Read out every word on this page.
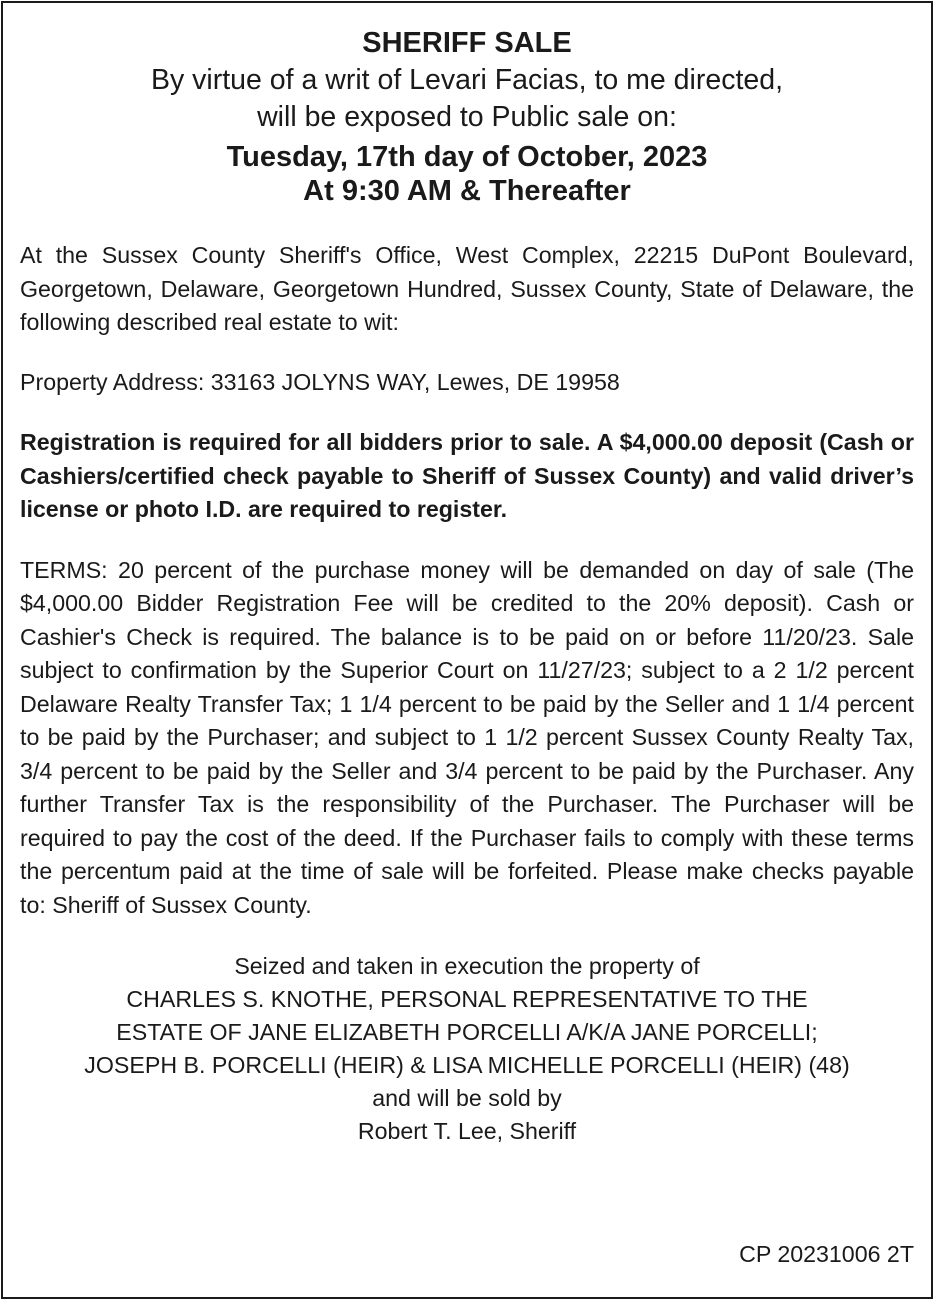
SHERIFF SALE

By virtue of a writ of Levari Facias, to me directed,

will be exposed to Public sale on:

Tuesday, 17th day of October, 2023

At 9:30 AM & Thereafter

At the Sussex County Sheriff's Office, West Complex, 22215 DuPont Boulevard, Georgetown, Delaware, Georgetown Hundred, Sussex County, State of Delaware, the following described real estate to wit:

Property Address: 33163 JOLYNS WAY, Lewes, DE 19958

Registration is required for all bidders prior to sale. A $4,000.00 deposit (Cash or Cashiers/certified check payable to Sheriff of Sussex County) and valid driver’s license or photo I.D. are required to register.

TERMS: 20 percent of the purchase money will be demanded on day of sale (The $4,000.00 Bidder Registration Fee will be credited to the 20% deposit). Cash or Cashier's Check is required. The balance is to be paid on or before 11/20/23. Sale subject to confirmation by the Superior Court on 11/27/23; subject to a 2 1/2 percent Delaware Realty Transfer Tax; 1 1/4 percent to be paid by the Seller and 1 1/4 percent to be paid by the Purchaser; and subject to 1 1/2 percent Sussex County Realty Tax, 3/4 percent to be paid by the Seller and 3/4 percent to be paid by the Purchaser. Any further Transfer Tax is the responsibility of the Purchaser. The Purchaser will be required to pay the cost of the deed. If the Purchaser fails to comply with these terms the percentum paid at the time of sale will be forfeited. Please make checks payable to: Sheriff of Sussex County.

Seized and taken in execution the property of

CHARLES S. KNOTHE, PERSONAL REPRESENTATIVE TO THE

ESTATE OF JANE ELIZABETH PORCELLI A/K/A JANE PORCELLI;

JOSEPH B. PORCELLI (HEIR) & LISA MICHELLE PORCELLI (HEIR) (48)

and will be sold by

Robert T. Lee, Sheriff

CP 20231006 2T
